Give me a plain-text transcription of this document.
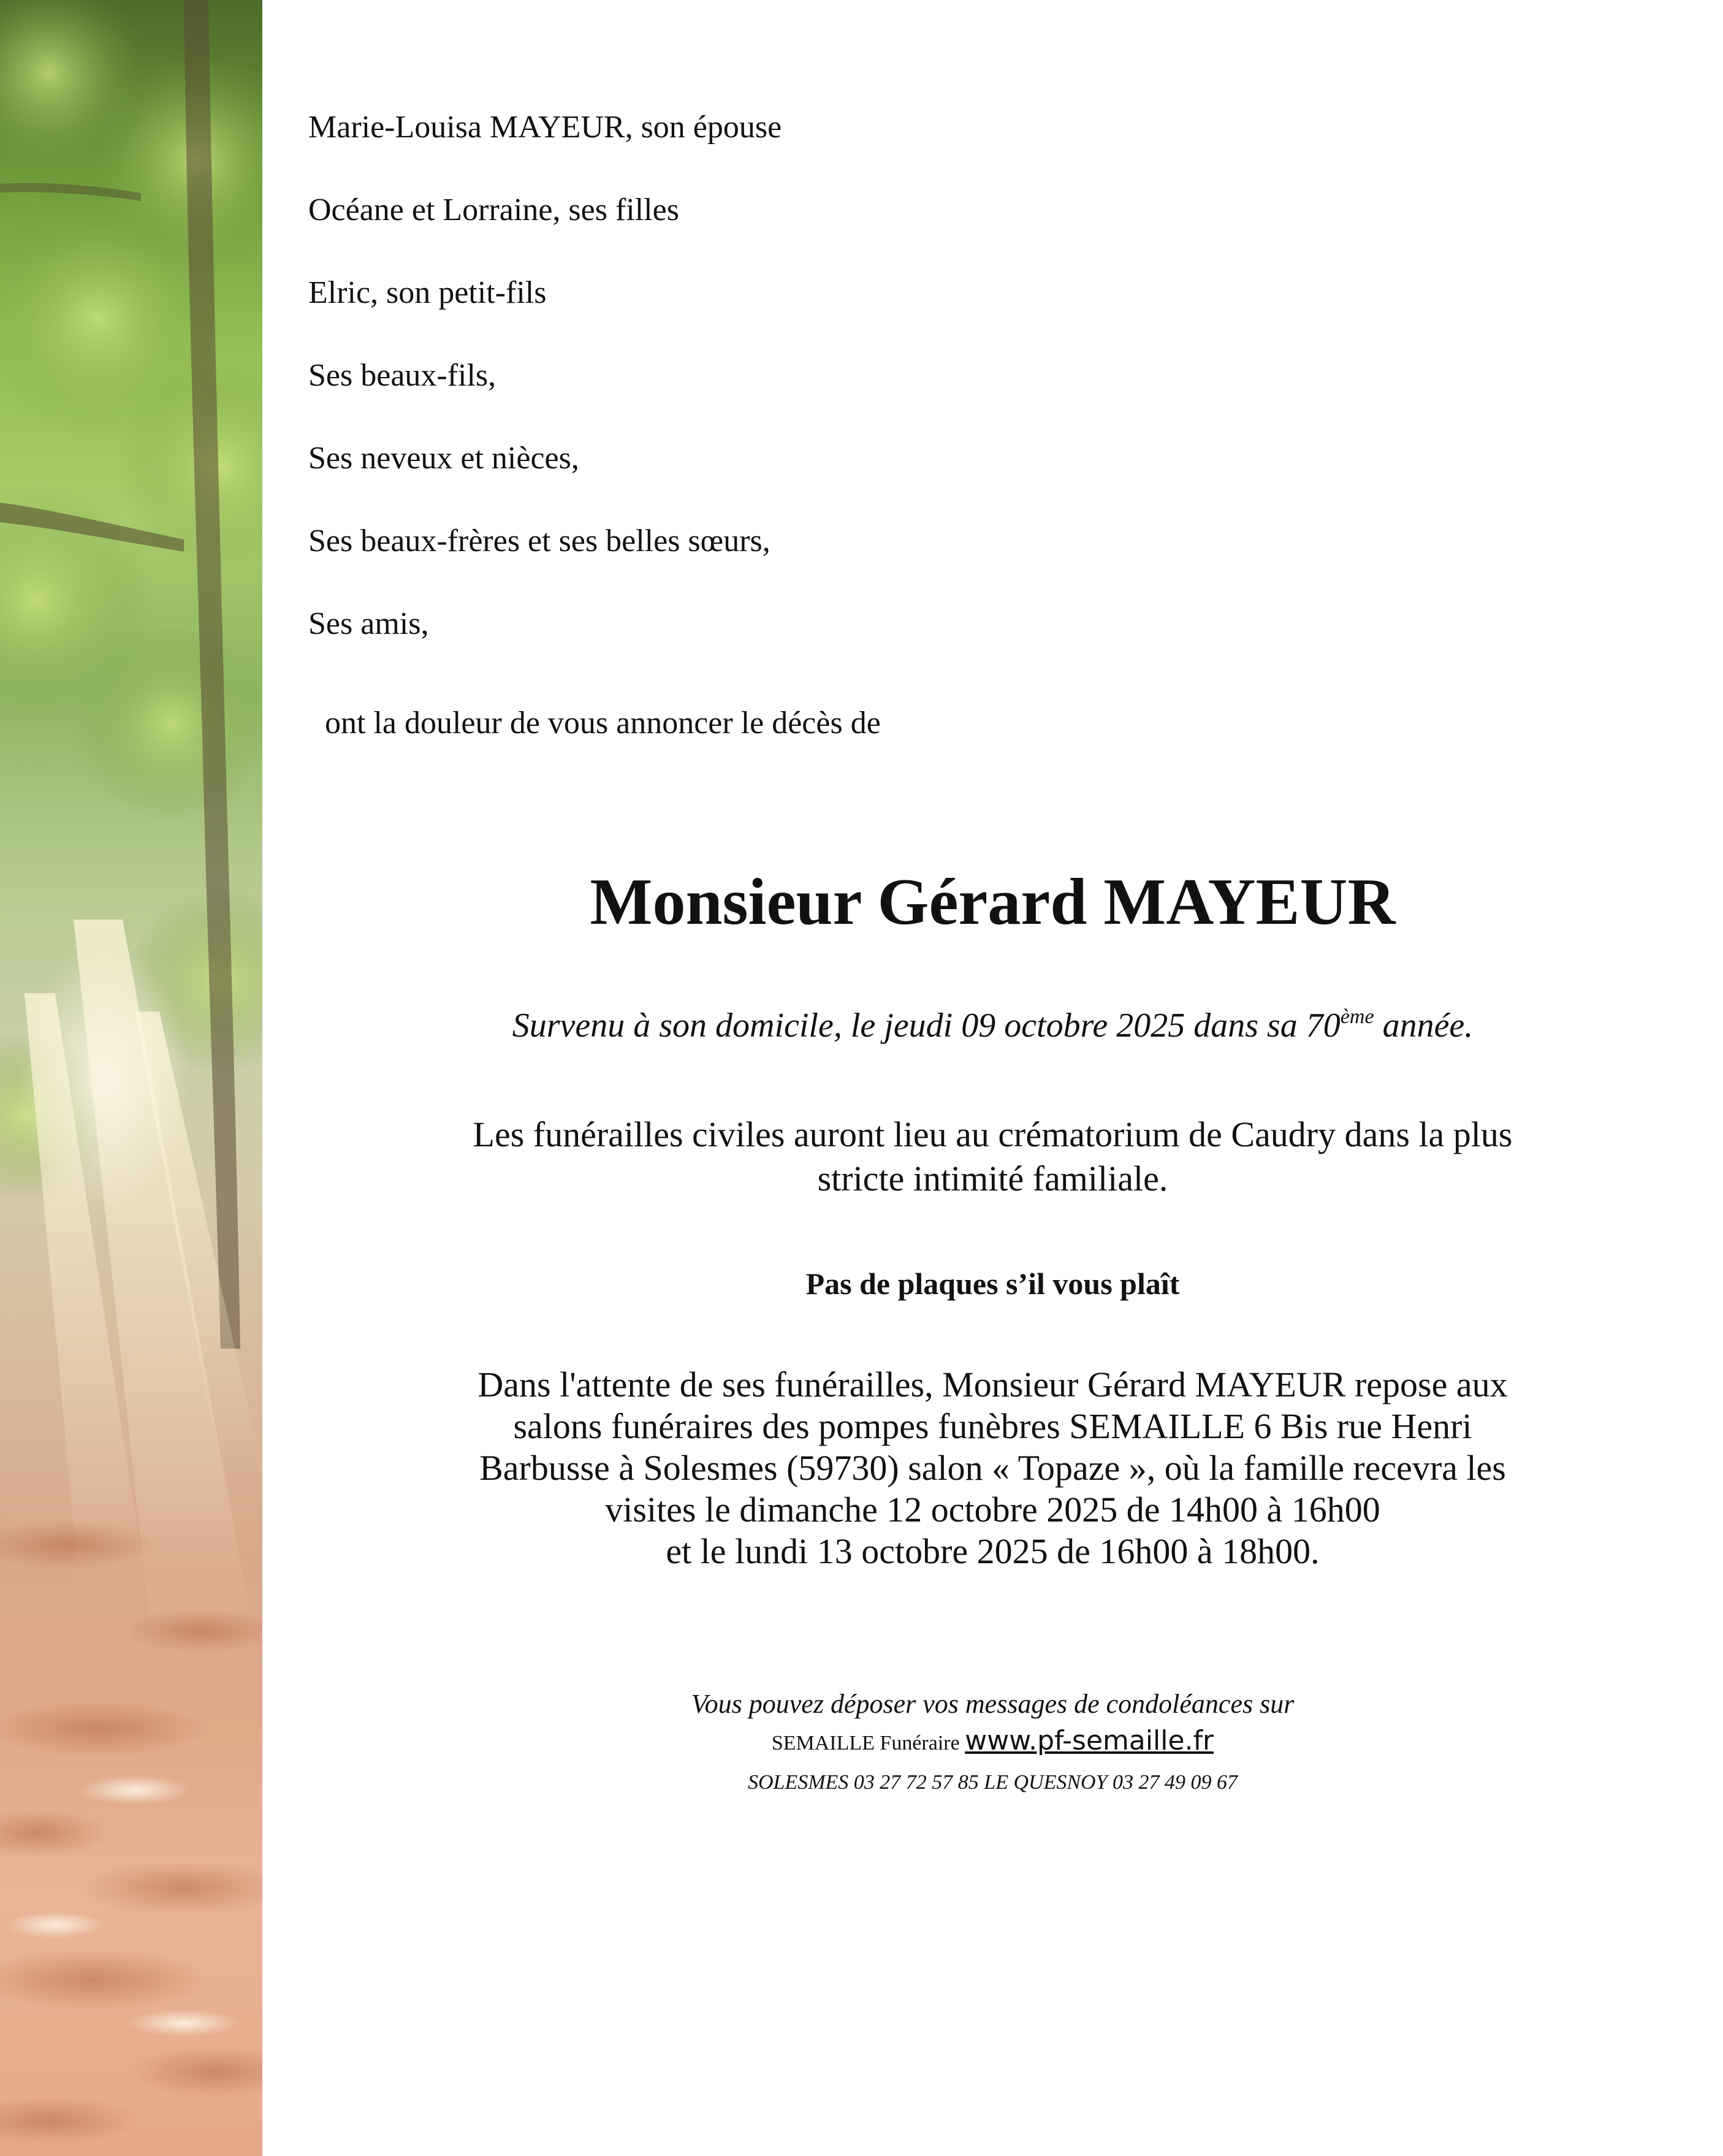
Marie-Louisa MAYEUR, son épouse
Océane et Lorraine, ses filles
Elric, son petit-fils
Ses beaux-fils,
Ses neveux et nièces,
Ses beaux-frères et ses belles sœurs,
Ses amis,
ont la douleur de vous annoncer le décès de
Monsieur Gérard MAYEUR
Survenu à son domicile, le jeudi 09 octobre 2025 dans sa 70ème année.
Les funérailles civiles auront lieu au crématorium de Caudry dans la plus
stricte intimité familiale.
Pas de plaques s’il vous plaît
Dans l'attente de ses funérailles, Monsieur Gérard MAYEUR repose aux
salons funéraires des pompes funèbres SEMAILLE 6 Bis rue Henri
Barbusse à Solesmes (59730) salon « Topaze », où la famille recevra les
visites le dimanche 12 octobre 2025 de 14h00 à 16h00
et le lundi 13 octobre 2025 de 16h00 à 18h00.
Vous pouvez déposer vos messages de condoléances sur
SEMAILLE Funéraire www.pf-semaille.fr
SOLESMES 03 27 72 57 85 LE QUESNOY 03 27 49 09 67
